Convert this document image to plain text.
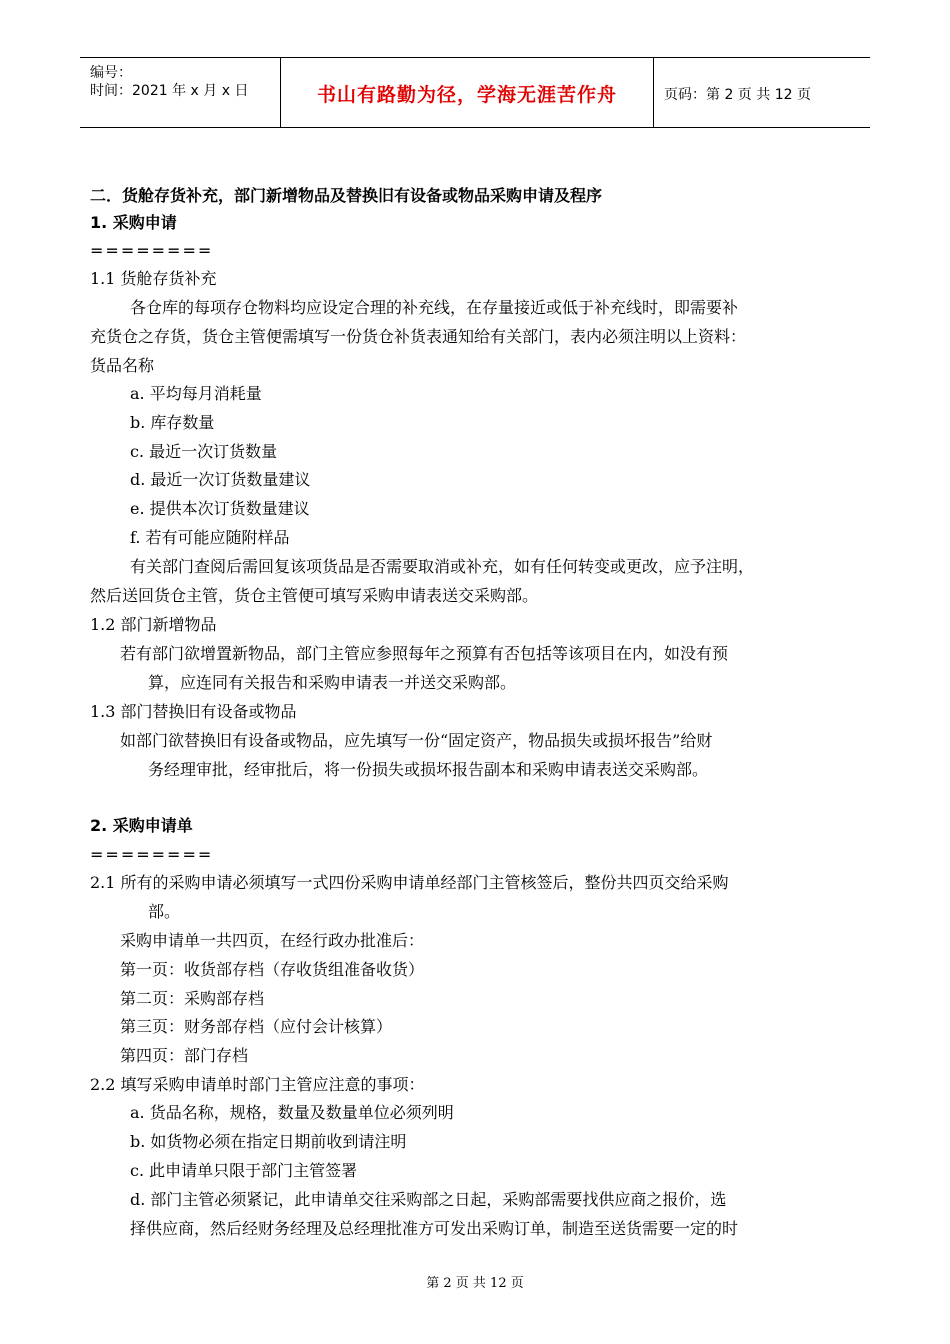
编号：
时间：2021 年 x 月 x 日	书山有路勤为径，学海无涯苦作舟	页码：第 2 页 共 12 页
二．货舱存货补充，部门新增物品及替换旧有设备或物品采购申请及程序
1. 采购申请
========
1.1 货舱存货补充
各仓库的每项存仓物料均应设定合理的补充线，在存量接近或低于补充线时，即需要补
充货仓之存货，货仓主管便需填写一份货仓补货表通知给有关部门，表内必须注明以上资料：
货品名称
a. 平均每月消耗量
b. 库存数量
c. 最近一次订货数量
d. 最近一次订货数量建议
e. 提供本次订货数量建议
f. 若有可能应随附样品
有关部门查阅后需回复该项货品是否需要取消或补充，如有任何转变或更改，应予注明，
然后送回货仓主管，货仓主管便可填写采购申请表送交采购部。
1.2 部门新增物品
若有部门欲增置新物品，部门主管应参照每年之预算有否包括等该项目在内，如没有预
算，应连同有关报告和采购申请表一并送交采购部。
1.3 部门替换旧有设备或物品
如部门欲替换旧有设备或物品，应先填写一份“固定资产，物品损失或损坏报告”给财
务经理审批，经审批后，将一份损失或损坏报告副本和采购申请表送交采购部。
2. 采购申请单
========
2.1 所有的采购申请必须填写一式四份采购申请单经部门主管核签后，整份共四页交给采购
部。
采购申请单一共四页，在经行政办批准后：
第一页：收货部存档（存收货组准备收货）
第二页：采购部存档
第三页：财务部存档（应付会计核算）
第四页：部门存档
2.2 填写采购申请单时部门主管应注意的事项：
a. 货品名称，规格，数量及数量单位必须列明
b. 如货物必须在指定日期前收到请注明
c. 此申请单只限于部门主管签署
d. 部门主管必须紧记，此申请单交往采购部之日起，采购部需要找供应商之报价，选
择供应商，然后经财务经理及总经理批准方可发出采购订单，制造至送货需要一定的时
第 2 页 共 12 页
